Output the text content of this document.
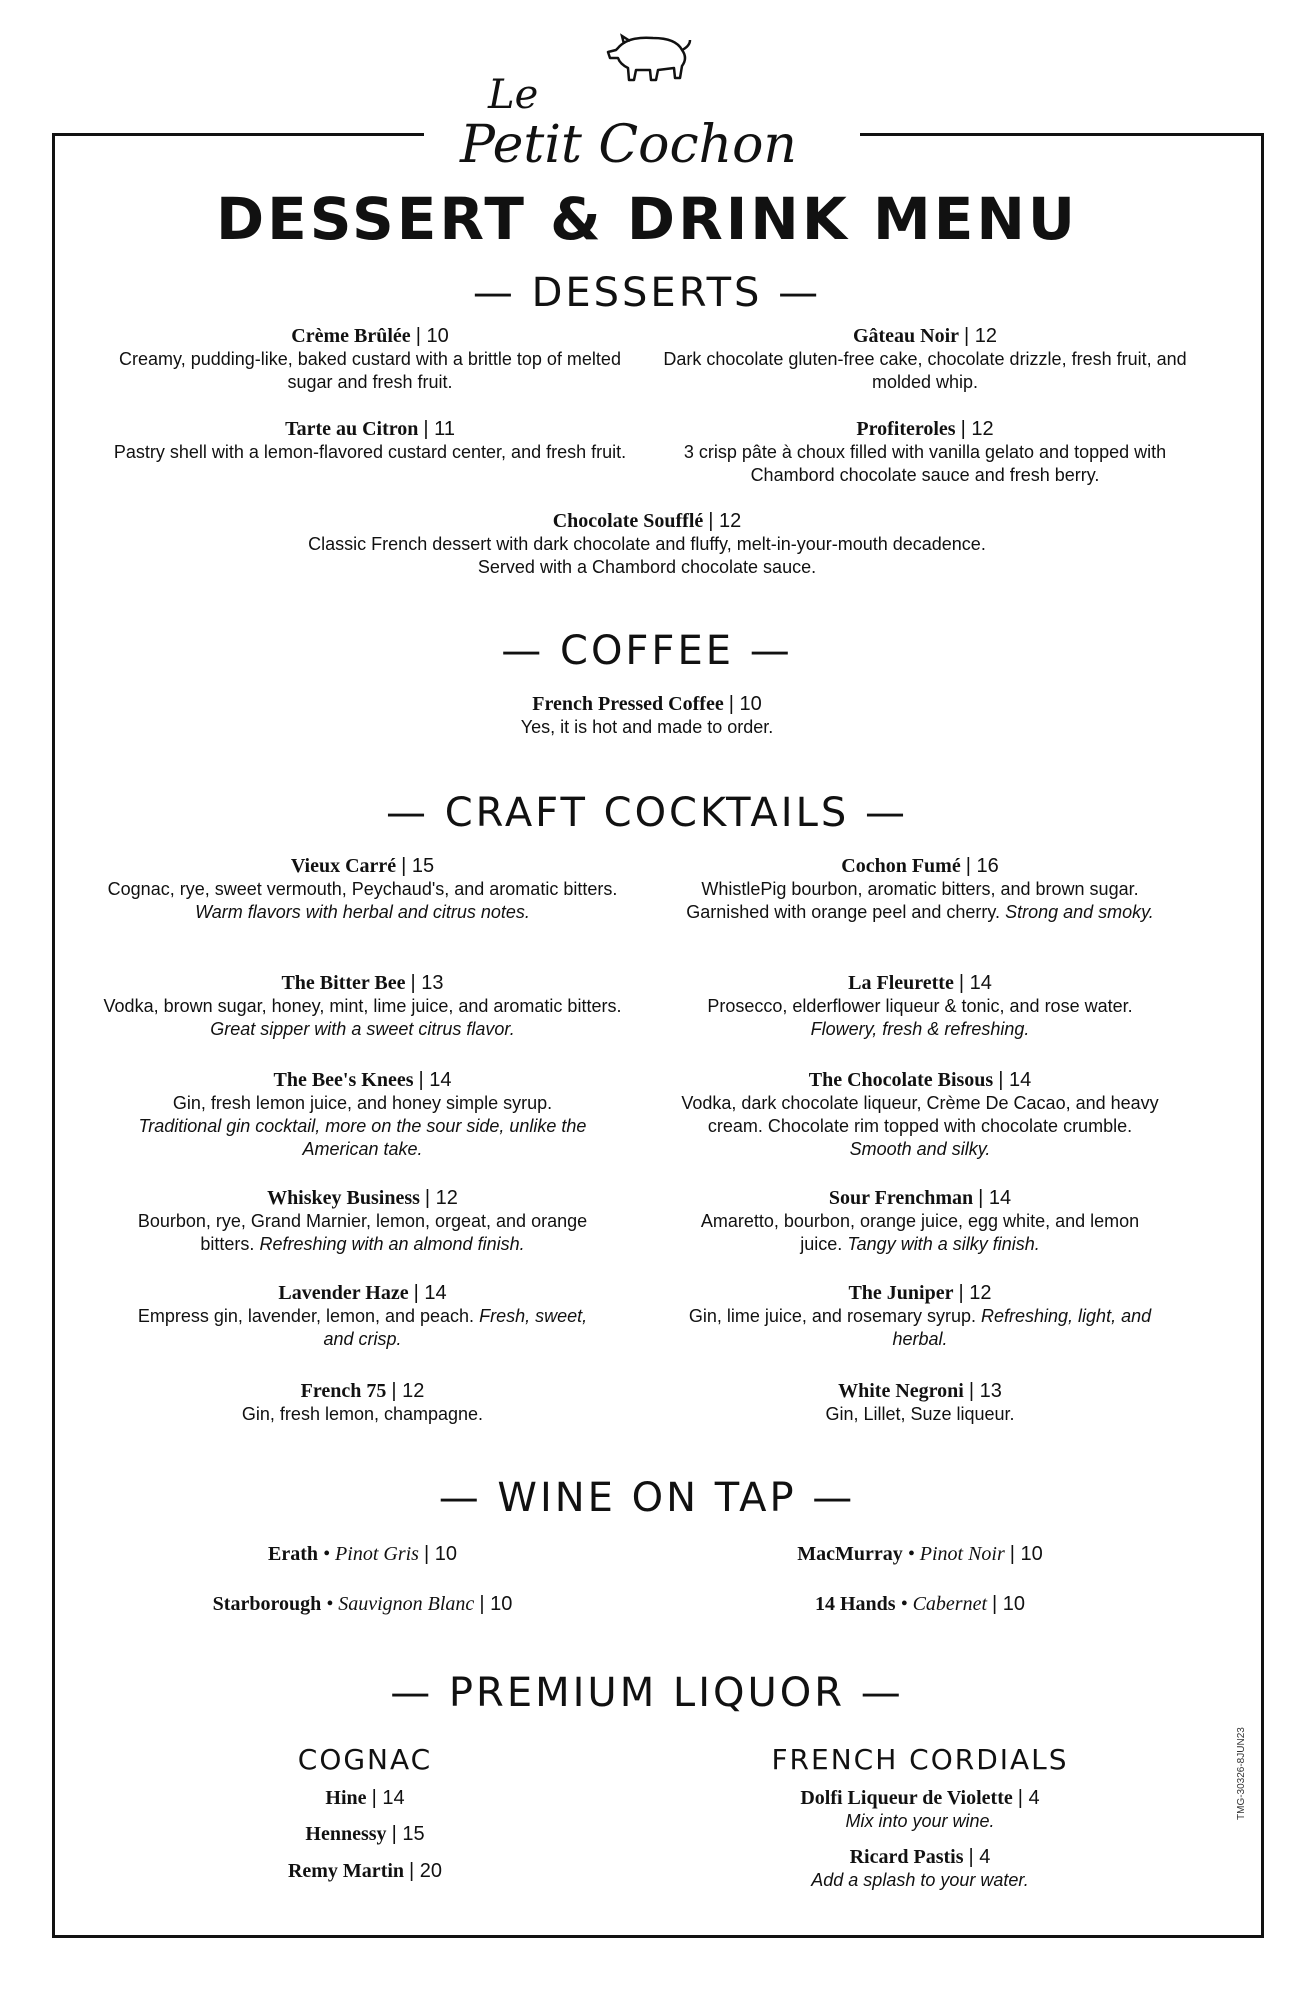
Le
Petit Cochon
DESSERT & DRINK MENU
— DESSERTS —
Crème Brûlée | 10
Creamy, pudding-like, baked custard with a brittle top of melted sugar and fresh fruit.
Gâteau Noir | 12
Dark chocolate gluten-free cake, chocolate drizzle, fresh fruit, and molded whip.
Tarte au Citron | 11
Pastry shell with a lemon-flavored custard center, and fresh fruit.
Profiteroles | 12
3 crisp pâte à choux filled with vanilla gelato and topped with Chambord chocolate sauce and fresh berry.
Chocolate Soufflé | 12
Classic French dessert with dark chocolate and fluffy, melt-in-your-mouth decadence. Served with a Chambord chocolate sauce.
— COFFEE —
French Pressed Coffee | 10
Yes, it is hot and made to order.
— CRAFT COCKTAILS —
Vieux Carré | 15
Cognac, rye, sweet vermouth, Peychaud's, and aromatic bitters. Warm flavors with herbal and citrus notes.
Cochon Fumé | 16
WhistlePig bourbon, aromatic bitters, and brown sugar. Garnished with orange peel and cherry. Strong and smoky.
The Bitter Bee | 13
Vodka, brown sugar, honey, mint, lime juice, and aromatic bitters. Great sipper with a sweet citrus flavor.
La Fleurette | 14
Prosecco, elderflower liqueur & tonic, and rose water. Flowery, fresh & refreshing.
The Bee's Knees | 14
Gin, fresh lemon juice, and honey simple syrup. Traditional gin cocktail, more on the sour side, unlike the American take.
The Chocolate Bisous | 14
Vodka, dark chocolate liqueur, Crème De Cacao, and heavy cream. Chocolate rim topped with chocolate crumble. Smooth and silky.
Whiskey Business | 12
Bourbon, rye, Grand Marnier, lemon, orgeat, and orange bitters. Refreshing with an almond finish.
Sour Frenchman | 14
Amaretto, bourbon, orange juice, egg white, and lemon juice. Tangy with a silky finish.
Lavender Haze | 14
Empress gin, lavender, lemon, and peach. Fresh, sweet, and crisp.
The Juniper | 12
Gin, lime juice, and rosemary syrup. Refreshing, light, and herbal.
French 75 | 12
Gin, fresh lemon, champagne.
White Negroni | 13
Gin, Lillet, Suze liqueur.
— WINE ON TAP —
Erath • Pinot Gris | 10	MacMurray • Pinot Noir | 10
Starborough • Sauvignon Blanc | 10	14 Hands • Cabernet | 10
— PREMIUM LIQUOR —
COGNAC	FRENCH CORDIALS
Hine | 14
Hennessy | 15
Remy Martin | 20
Dolfi Liqueur de Violette | 4
Mix into your wine.
Ricard Pastis | 4
Add a splash to your water.
TMG-30326-8JUN23
